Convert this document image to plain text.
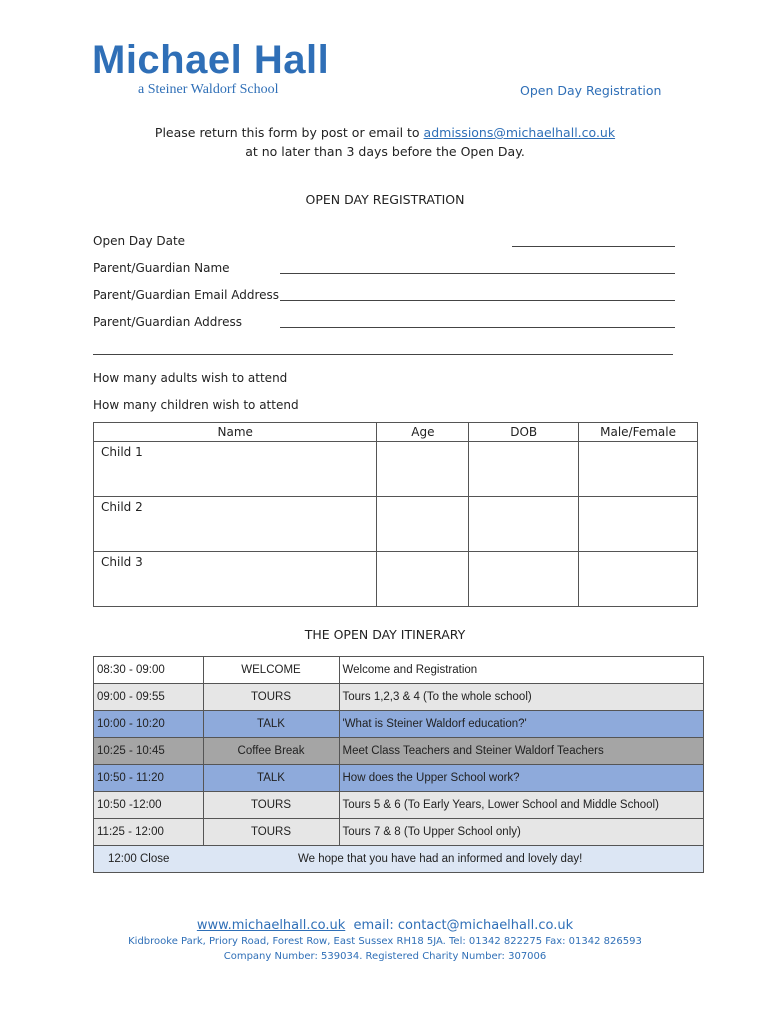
Michael Hall
a Steiner Waldorf School	Open Day Registration
Please return this form by post or email to admissions@michaelhall.co.uk
at no later than 3 days before the Open Day.
OPEN DAY REGISTRATION
Open Day Date
Parent/Guardian Name
Parent/Guardian Email Address
Parent/Guardian Address
How many adults wish to attend
How many children wish to attend
Name	Age	DOB	Male/Female
Child 1			
Child 2			
Child 3			
THE OPEN DAY ITINERARY
08:30 - 09:00	WELCOME	Welcome and Registration
09:00 - 09:55	TOURS	Tours 1,2,3 & 4 (To the whole school)
10:00 - 10:20	TALK	'What is Steiner Waldorf education?'
10:25 - 10:45	Coffee Break	Meet Class Teachers and Steiner Waldorf Teachers
10:50 - 11:20	TALK	How does the Upper School work?
10:50 -12:00	TOURS	Tours 5 & 6 (To Early Years, Lower School and Middle School)
11:25 - 12:00	TOURS	Tours 7 & 8 (To Upper School only)
12:00 Close	We hope that you have had an informed and lovely day!	
www.michaelhall.co.uk email: contact@michaelhall.co.uk
Kidbrooke Park, Priory Road, Forest Row, East Sussex RH18 5JA. Tel: 01342 822275 Fax: 01342 826593
Company Number: 539034. Registered Charity Number: 307006
